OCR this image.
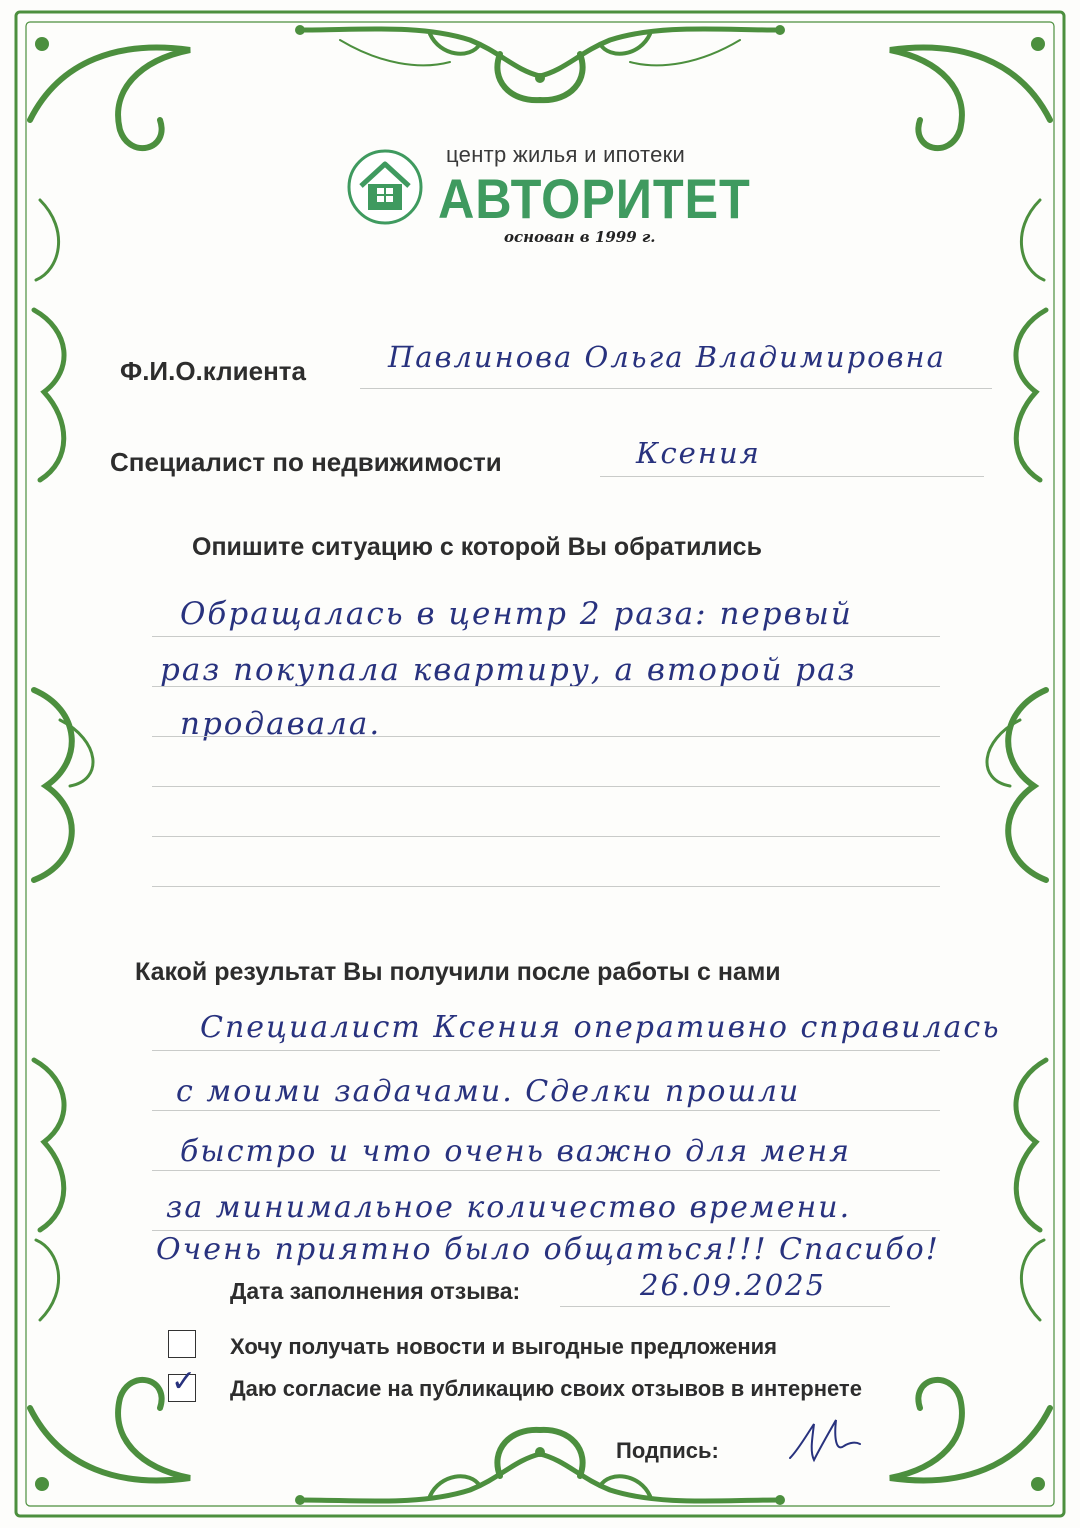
центр жилья и ипотеки
АВТОРИТЕТ
основан в 1999 г.
Ф.И.О.клиента	Павлинова Ольга Владимировна
Специалист по недвижимости	Ксения
Опишите ситуацию с которой Вы обратились
Обращалась в центр 2 раза: первый
раз покупала квартиру, а второй раз
продавала.
Какой результат Вы получили после работы с нами
Специалист Ксения оперативно справилась
с моими задачами. Сделки прошли
быстро и что очень важно для меня
за минимальное количество времени.
Очень приятно было общаться!!! Спасибо!
Дата заполнения отзыва:	26.09.2025
Хочу получать новости и выгодные предложения
✓ Даю согласие на публикацию своих отзывов в интернете
Подпись:
